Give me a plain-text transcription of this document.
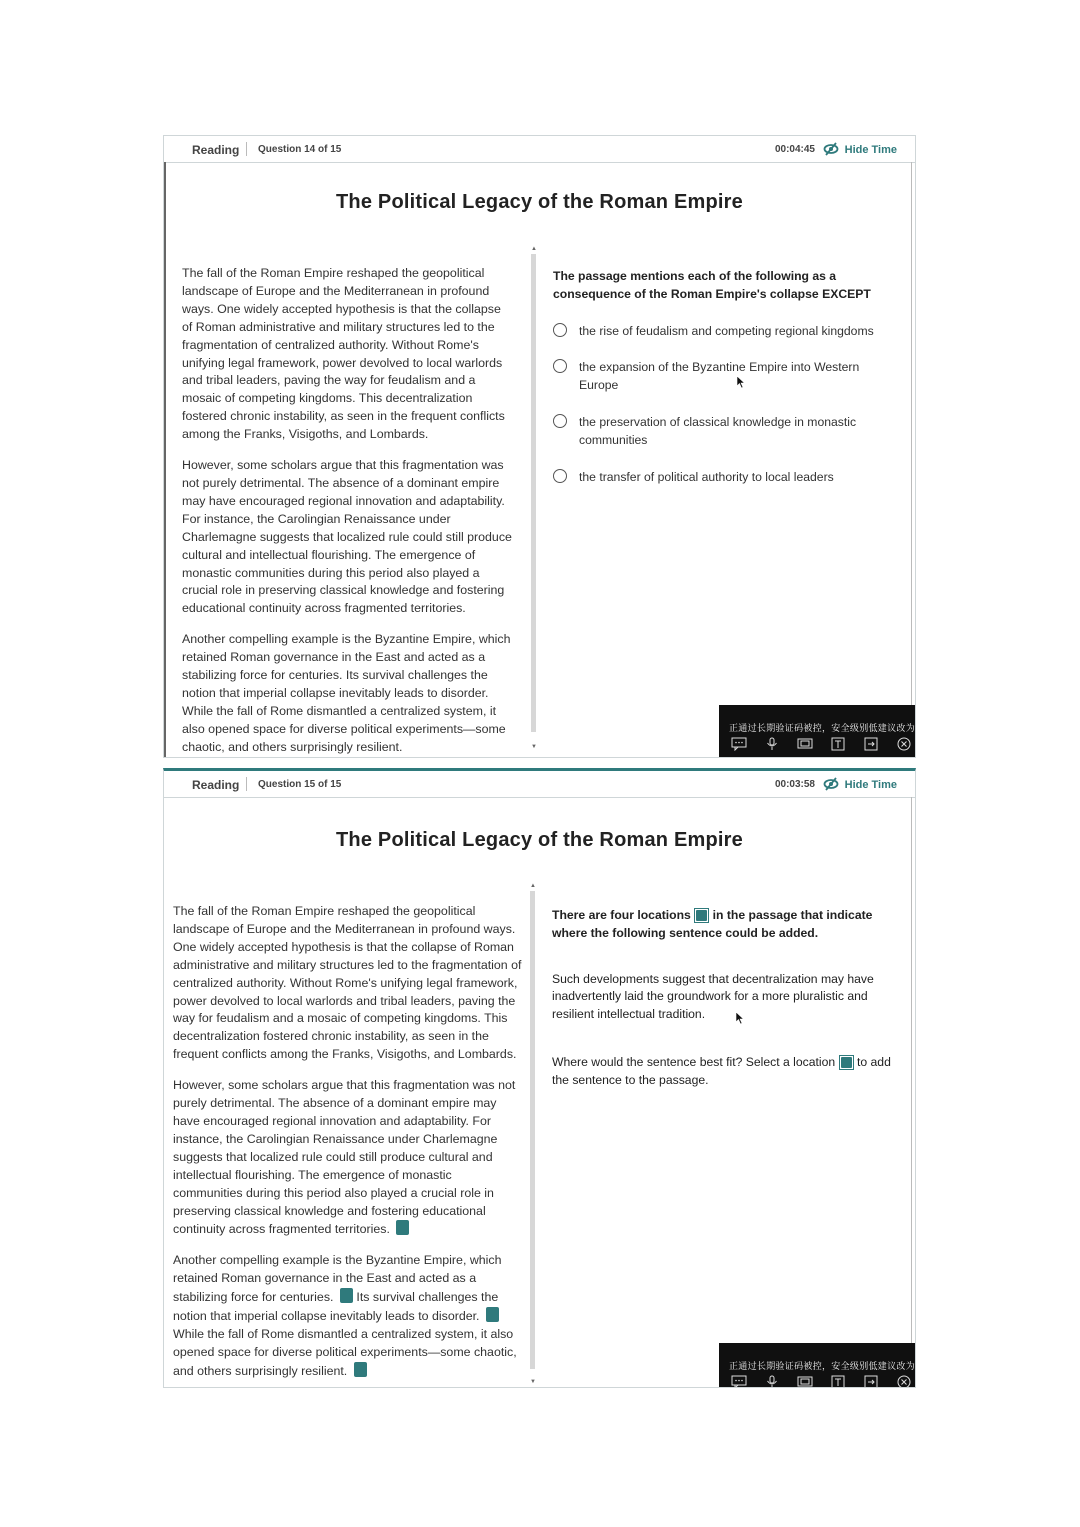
Reading Question 14 of 15	00:04:45	Hide Time
The Political Legacy of the Roman Empire

The fall of the Roman Empire reshaped the geopolitical landscape of Europe and the Mediterranean in profound ways. One widely accepted hypothesis is that the collapse of Roman administrative and military structures led to the fragmentation of centralized authority. Without Rome's unifying legal framework, power devolved to local warlords and tribal leaders, paving the way for feudalism and a mosaic of competing kingdoms. This decentralization fostered chronic instability, as seen in the frequent conflicts among the Franks, Visigoths, and Lombards.

However, some scholars argue that this fragmentation was not purely detrimental. The absence of a dominant empire may have encouraged regional innovation and adaptability. For instance, the Carolingian Renaissance under Charlemagne suggests that localized rule could still produce cultural and intellectual flourishing. The emergence of monastic communities during this period also played a crucial role in preserving classical knowledge and fostering educational continuity across fragmented territories.

Another compelling example is the Byzantine Empire, which retained Roman governance in the East and acted as a stabilizing force for centuries. Its survival challenges the notion that imperial collapse inevitably leads to disorder. While the fall of Rome dismantled a centralized system, it also opened space for diverse political experiments—some chaotic, and others surprisingly resilient.

▲
▼
The passage mentions each of the following as a consequence of the Roman Empire's collapse EXCEPT
the rise of feudalism and competing regional kingdoms
the expansion of the Byzantine Empire into Western Europe
the preservation of classical knowledge in monastic communities
the transfer of political authority to local leaders
正通过长期验证码被控，安全级别低建议改为
Reading Question 15 of 15	00:03:58	Hide Time
The Political Legacy of the Roman Empire

The fall of the Roman Empire reshaped the geopolitical landscape of Europe and the Mediterranean in profound ways. One widely accepted hypothesis is that the collapse of Roman administrative and military structures led to the fragmentation of centralized authority. Without Rome's unifying legal framework, power devolved to local warlords and tribal leaders, paving the way for feudalism and a mosaic of competing kingdoms. This decentralization fostered chronic instability, as seen in the frequent conflicts among the Franks, Visigoths, and Lombards.

However, some scholars argue that this fragmentation was not purely detrimental. The absence of a dominant empire may have encouraged regional innovation and adaptability. For instance, the Carolingian Renaissance under Charlemagne suggests that localized rule could still produce cultural and intellectual flourishing. The emergence of monastic communities during this period also played a crucial role in preserving classical knowledge and fostering educational continuity across fragmented territories.

Another compelling example is the Byzantine Empire, which retained Roman governance in the East and acted as a stabilizing force for centuries. Its survival challenges the notion that imperial collapse inevitably leads to disorder.  While the fall of Rome dismantled a centralized system, it also opened space for diverse political experiments—some chaotic, and others surprisingly resilient.

▲
▼
There are four locations in the passage that indicate where the following sentence could be added.
Such developments suggest that decentralization may have inadvertently laid the groundwork for a more pluralistic and resilient intellectual tradition.
Where would the sentence best fit? Select a location to add the sentence to the passage.
正通过长期验证码被控，安全级别低建议改为
